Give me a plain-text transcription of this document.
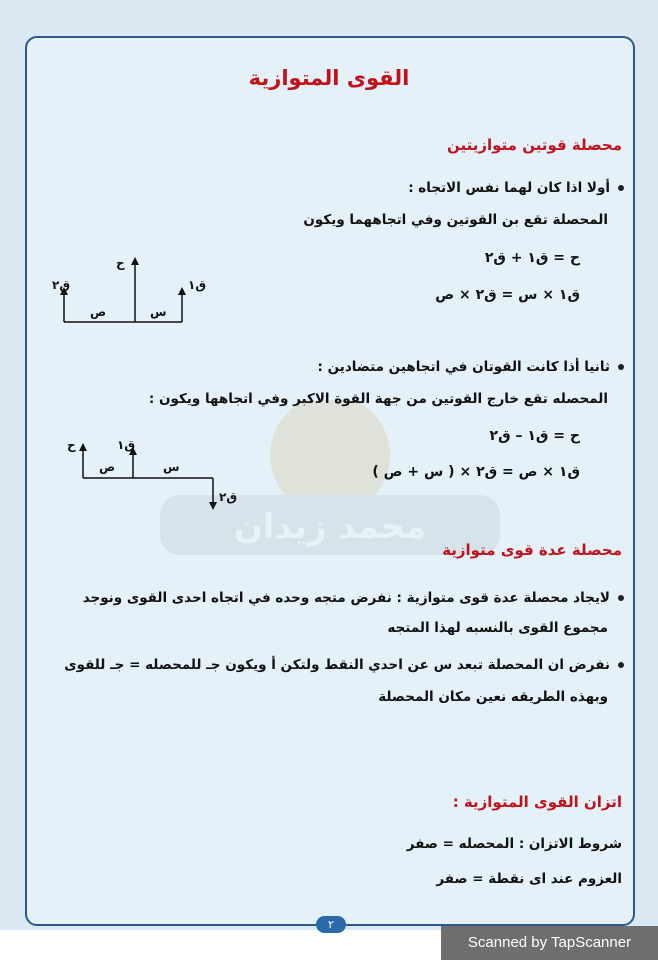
محمد زيدان
القوى المتوازية
محصلة قوتين متوازيتين
أولا اذا كان لهما نفس الاتجاه :
المحصلة تقع بن القوتين وفي اتجاههما ويكون
ح = ق١ + ق٢
ق١ × س = ق٢ × ص
ق٢
ح
ق١
ص	س
ثانيا أذا كانت القوتان في اتجاهين متضادين :
المحصله تقع خارج القوتين من جهة القوة الاكبر وفي اتجاهها ويكون :
ح = ق١ – ق٢
ق١ × ص = ق٢ × ( س + ص )
ح	ق١
ص	س
ق٢
محصلة عدة قوى متوازية
لايجاد محصلة عدة قوى متوازية : نفرض متجه وحده في اتجاه احدى القوى ونوجد
مجموع القوى بالنسبه لهذا المتجه
نفرض ان المحصلة تبعد س عن احدي النقط ولتكن أ ويكون جـ للمحصله = جـ للقوى
وبهذه الطريقه نعين مكان المحصلة
اتزان القوى المتوازية :
شروط الاتزان : المحصله = صفر
العزوم عند اى نقطة = صفر
٢
Scanned by TapScanner
